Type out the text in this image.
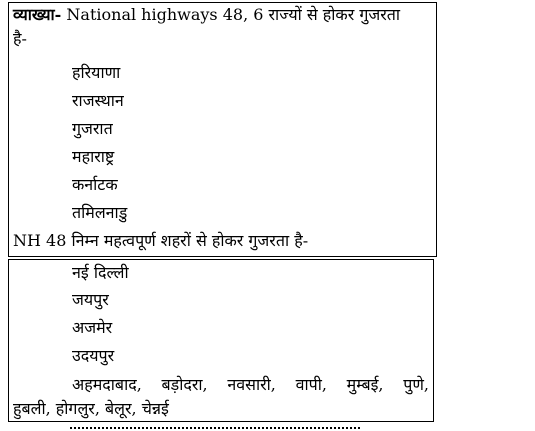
व्याख्या- National highways 48, 6 राज्यों से होकर गुजरता
है-
हरियाणा
राजस्थान
गुजरात
महाराष्ट्र
कर्नाटक
तमिलनाडु
NH 48 निम्न महत्वपूर्ण शहरों से होकर गुजरता है-
नई दिल्ली
जयपुर
अजमेर
उदयपुर
अहमदाबाद, बड़ोदरा, नवसारी, वापी, मुम्बई, पुणे,
हुबली, होगलुर, बेलूर, चेन्नई
